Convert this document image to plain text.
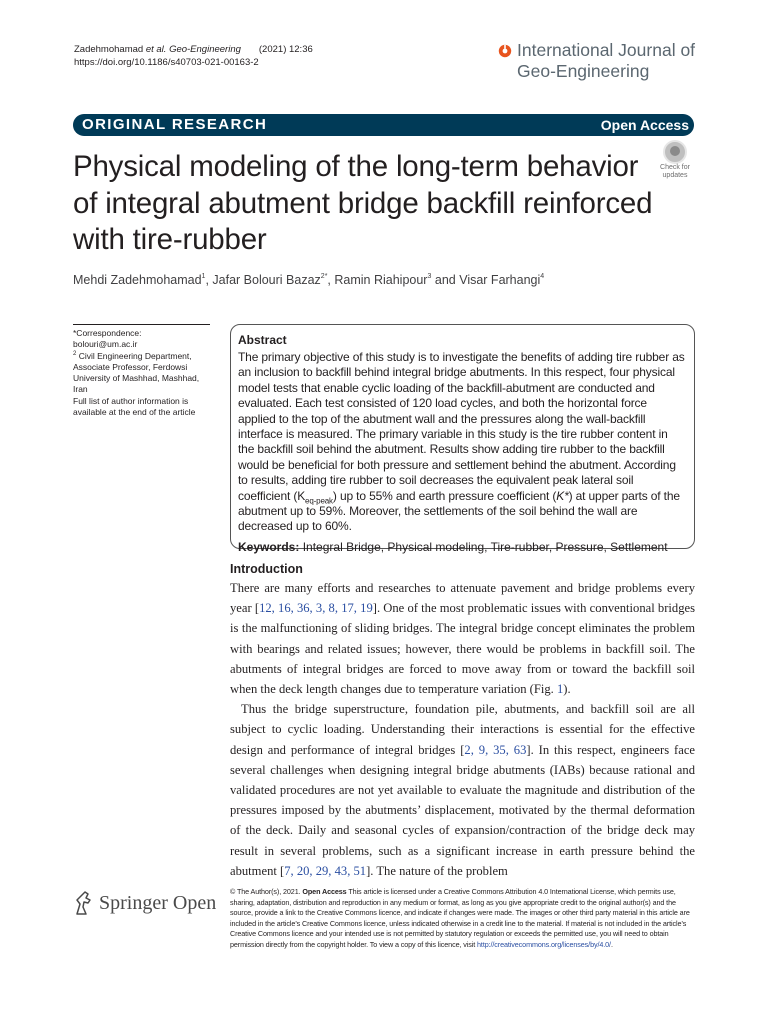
Zadehmohamad et al. Geo-Engineering (2021) 12:36
https://doi.org/10.1186/s40703-021-00163-2
International Journal of
Geo-Engineering
ORIGINAL RESEARCH	Open Access
Physical modeling of the long-term behavior
of integral abutment bridge backfill reinforced
with tire-rubber
Check for
updates
Mehdi Zadehmohamad$^1$, Jafar Bolouri Bazaz$^{2*}$, Ramin Riahipour$^3$ and Visar Farhangi$^4$
*Correspondence:
bolouri@um.ac.ir
$^2$ Civil Engineering Department, Associate Professor, Ferdowsi University of Mashhad, Mashhad, Iran
Full list of author information is available at the end of the article
Abstract
The primary objective of this study is to investigate the benefits of adding tire rubber as an inclusion to backfill behind integral bridge abutments. In this respect, four physical model tests that enable cyclic loading of the backfill-abutment are conducted and evaluated. Each test consisted of 120 load cycles, and both the horizontal force applied to the top of the abutment wall and the pressures along the wall-backfill interface is measured. The primary variable in this study is the tire rubber content in the backfill soil behind the abutment. Results show adding tire rubber to the backfill would be beneficial for both pressure and settlement behind the abutment. According to results, adding tire rubber to soil decreases the equivalent peak lateral soil coefficient $(K_{eq-peak})$ up to 55% and earth pressure coefficient (K*) at upper parts of the abutment up to 59%. Moreover, the settlements of the soil behind the wall are decreased up to 60%.
Keywords: Integral Bridge, Physical modeling, Tire-rubber, Pressure, Settlement
Introduction

There are many efforts and researches to attenuate pavement and bridge problems every year [12, 16, 36, 3, 8, 17, 19]. One of the most problematic issues with conventional bridges is the malfunctioning of sliding bridges. The integral bridge concept eliminates the problem with bearings and related issues; however, there would be problems in backfill soil. The abutments of integral bridges are forced to move away from or toward the backfill soil when the deck length changes due to temperature variation (Fig. 1).

Thus the bridge superstructure, foundation pile, abutments, and backfill soil are all subject to cyclic loading. Understanding their interactions is essential for the effective design and performance of integral bridges [2, 9, 35, 63]. In this respect, engineers face several challenges when designing integral bridge abutments (IABs) because rational and validated procedures are not yet available to evaluate the magnitude and distribution of the pressures imposed by the abutments’ displacement, motivated by the thermal deformation of the deck. Daily and seasonal cycles of expansion/contraction of the bridge deck may result in several problems, such as a significant increase in earth pressure behind the abutment [7, 20, 29, 43, 51]. The nature of the problem

Springer Open
© The Author(s), 2021. Open Access This article is licensed under a Creative Commons Attribution 4.0 International License, which permits use, sharing, adaptation, distribution and reproduction in any medium or format, as long as you give appropriate credit to the original author(s) and the source, provide a link to the Creative Commons licence, and indicate if changes were made. The images or other third party material in this article are included in the article’s Creative Commons licence, unless indicated otherwise in a credit line to the material. If material is not included in the article’s Creative Commons licence and your intended use is not permitted by statutory regulation or exceeds the permitted use, you will need to obtain permission directly from the copyright holder. To view a copy of this licence, visit http://creativecommons.org/licenses/by/4.0/.
